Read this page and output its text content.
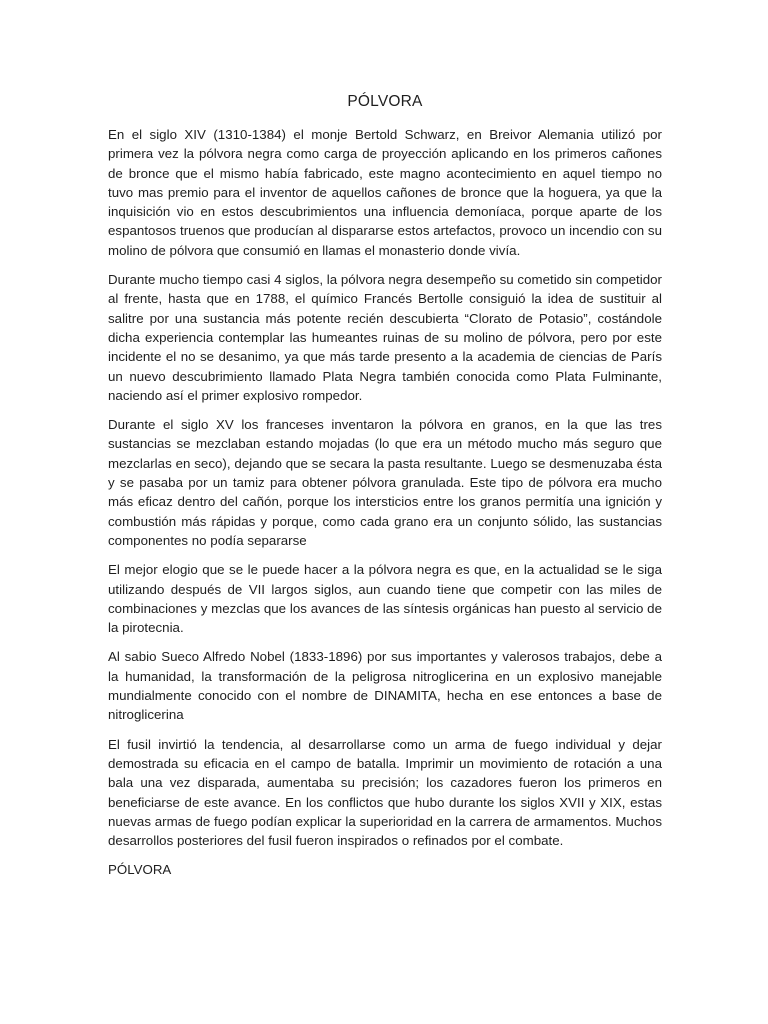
PÓLVORA

En el siglo XIV (1310-1384) el monje Bertold Schwarz, en Breivor Alemania utilizó por primera vez la pólvora negra como carga de proyección aplicando en los primeros cañones de bronce que el mismo había fabricado, este magno acontecimiento en aquel tiempo no tuvo mas premio para el inventor de aquellos cañones de bronce que la hoguera, ya que la inquisición vio en estos descubrimientos una influencia demoníaca, porque aparte de los espantosos truenos que producían al dispararse estos artefactos, provoco un incendio con su molino de pólvora que consumió en llamas el monasterio donde vivía.

Durante mucho tiempo casi 4 siglos, la pólvora negra desempeño su cometido sin competidor al frente, hasta que en 1788, el químico Francés Bertolle consiguió la idea de sustituir al salitre por una sustancia más potente recién descubierta “Clorato de Potasio”, costándole dicha experiencia contemplar las humeantes ruinas de su molino de pólvora, pero por este incidente el no se desanimo, ya que más tarde presento a la academia de ciencias de París un nuevo descubrimiento llamado Plata Negra también conocida como Plata Fulminante, naciendo así el primer explosivo rompedor.

Durante el siglo XV los franceses inventaron la pólvora en granos, en la que las tres sustancias se mezclaban estando mojadas (lo que era un método mucho más seguro que mezclarlas en seco), dejando que se secara la pasta resultante. Luego se desmenuzaba ésta y se pasaba por un tamiz para obtener pólvora granulada. Este tipo de pólvora era mucho más eficaz dentro del cañón, porque los intersticios entre los granos permitía una ignición y combustión más rápidas y porque, como cada grano era un conjunto sólido, las sustancias componentes no podía separarse

El mejor elogio que se le puede hacer a la pólvora negra es que, en la actualidad se le siga utilizando después de VII largos siglos, aun cuando tiene que competir con las miles de combinaciones y mezclas que los avances de las síntesis orgánicas han puesto al servicio de la pirotecnia.

Al sabio Sueco Alfredo Nobel (1833-1896) por sus importantes y valerosos trabajos, debe a la humanidad, la transformación de la peligrosa nitroglicerina en un explosivo manejable mundialmente conocido con el nombre de DINAMITA, hecha en ese entonces a base de nitroglicerina

El fusil invirtió la tendencia, al desarrollarse como un arma de fuego individual y dejar demostrada su eficacia en el campo de batalla. Imprimir un movimiento de rotación a una bala una vez disparada, aumentaba su precisión; los cazadores fueron los primeros en beneficiarse de este avance. En los conflictos que hubo durante los siglos XVII y XIX, estas nuevas armas de fuego podían explicar la superioridad en la carrera de armamentos. Muchos desarrollos posteriores del fusil fueron inspirados o refinados por el combate.

PÓLVORA
